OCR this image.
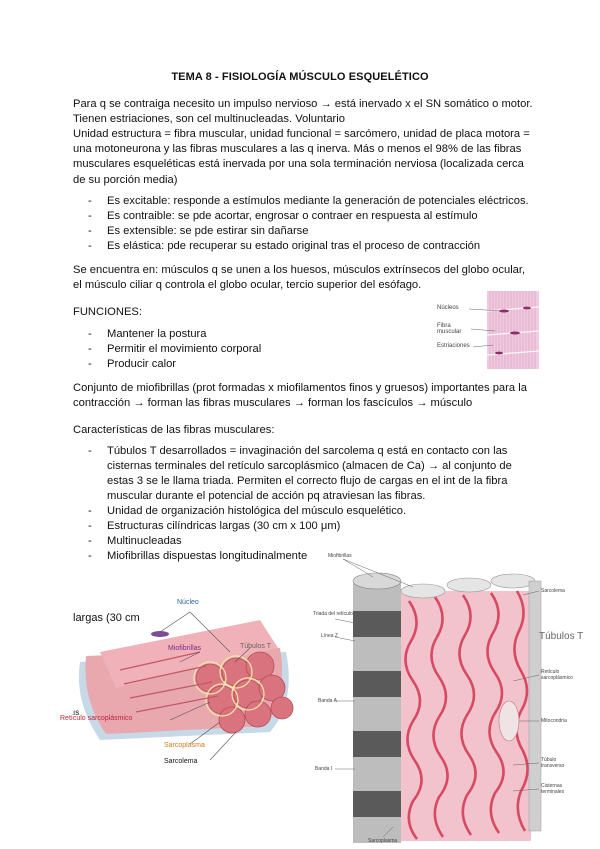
TEMA 8 - FISIOLOGÍA MÚSCULO ESQUELÉTICO
Para q se contraiga necesito un impulso nervioso → está inervado x el SN somático o motor. Tienen estriaciones, son cel multinucleadas. Voluntario
Unidad estructura = fibra muscular, unidad funcional = sarcómero, unidad de placa motora = una motoneurona y las fibras musculares a las q inerva. Más o menos el 98% de las fibras musculares esqueléticas está inervada por una sola terminación nerviosa (localizada cerca de su porción media)
- Es excitable: responde a estímulos mediante la generación de potenciales eléctricos.
- Es contraible: se pde acortar, engrosar o contraer en respuesta al estímulo
- Es extensible: se pde estirar sin dañarse
- Es elástica: pde recuperar su estado original tras el proceso de contracción
Se encuentra en: músculos q se unen a los huesos, músculos extrínsecos del globo ocular, el músculo ciliar q controla el globo ocular, tercio superior del esófago.
FUNCIONES:
- Mantener la postura
- Permitir el movimiento corporal
- Producir calor
Núcleos
Fibra muscular
Estriaciones
Conjunto de miofibrillas (prot formadas x miofilamentos finos y gruesos) importantes para la contracción → forman las fibras musculares → forman los fascículos → músculo
Características de las fibras musculares:
- Túbulos T desarrollados = invaginación del sarcolema q está en contacto con las cisternas terminales del retículo sarcoplásmico (almacen de Ca) → al conjunto de estas 3 se le llama triada. Permiten el correcto flujo de cargas en el int de la fibra muscular durante el potencial de acción pq atraviesan las fibras.
- Unidad de organización histológica del músculo esquelético.
- Estructuras cilíndricas largas (30 cm x 100 μm)
- Multinucleadas
- Miofibrillas dispuestas longitudinalmente
Núcleo
Miofibrillas	Túbulos T
Retículo sarcoplásmico
Sarcoplasma
Sarcolema
largas (30 cm
ıs
Miofibrillas
Triada del retículo
Línea Z
Banda A
Banda I
Sarcolema
Túbulos T
Retículo sarcoplásmico
Mitocondria
Túbulo transverso
Cisternas terminales
Sarcoplasma
